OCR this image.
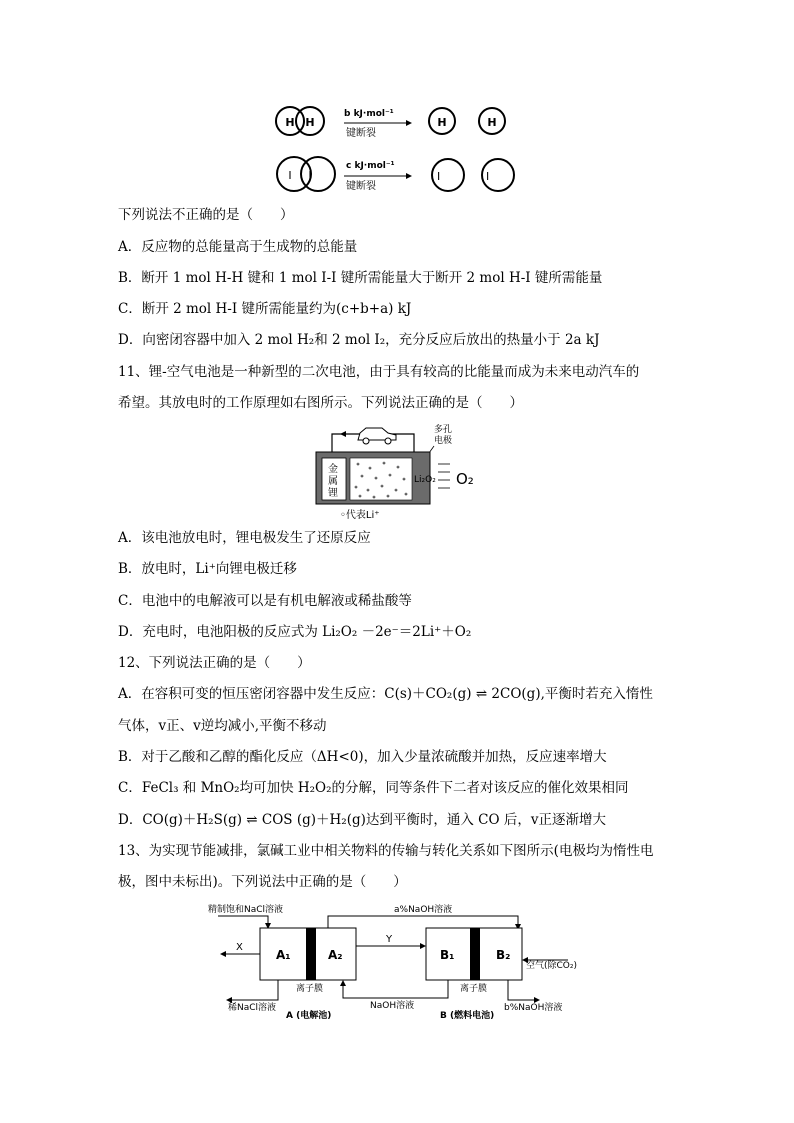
H H
b kJ·mol⁻¹
键断裂
H	H
I I
c kJ·mol⁻¹
键断裂
I	I
下列说法不正确的是（　　）
A．反应物的总能量高于生成物的总能量
B．断开 1 mol H-H 键和 1 mol I-I 键所需能量大于断开 2 mol H-I 键所需能量
C．断开 2 mol H-I 键所需能量约为(c+b+a) kJ
D．向密闭容器中加入 2 mol H₂和 2 mol I₂，充分反应后放出的热量小于 2a kJ
11、锂-空气电池是一种新型的二次电池，由于具有较高的比能量而成为未来电动汽车的
希望。其放电时的工作原理如右图所示。下列说法正确的是（　　）
多孔
电极
金
属
锂
Li₂O₂ O₂
◦代表Li⁺
A．该电池放电时，锂电极发生了还原反应
B．放电时，Li⁺向锂电极迁移
C．电池中的电解液可以是有机电解液或稀盐酸等
D．充电时，电池阳极的反应式为 Li₂O₂ －2e⁻＝2Li⁺＋O₂
12、下列说法正确的是（　　）
A．在容积可变的恒压密闭容器中发生反应：C(s)＋CO₂(g) ⇌ 2CO(g),平衡时若充入惰性
气体，v正、v逆均减小,平衡不移动
B．对于乙酸和乙醇的酯化反应（ΔH<0)，加入少量浓硫酸并加热，反应速率增大
C．FeCl₃ 和 MnO₂均可加快 H₂O₂的分解，同等条件下二者对该反应的催化效果相同
D．CO(g)＋H₂S(g) ⇌ COS (g)＋H₂(g)达到平衡时，通入 CO 后，v正逐渐增大
13、为实现节能减排，氯碱工业中相关物料的传输与转化关系如下图所示(电极均为惰性电
极，图中未标出)。下列说法中正确的是（　　）
精制饱和NaCl溶液	a%NaOH溶液
A₁	A₂	B₁	B₂
X
Y
空气(除CO₂)
离子膜	离子膜
稀NaCl溶液	NaOH溶液	b%NaOH溶液
A (电解池)	B (燃料电池)
